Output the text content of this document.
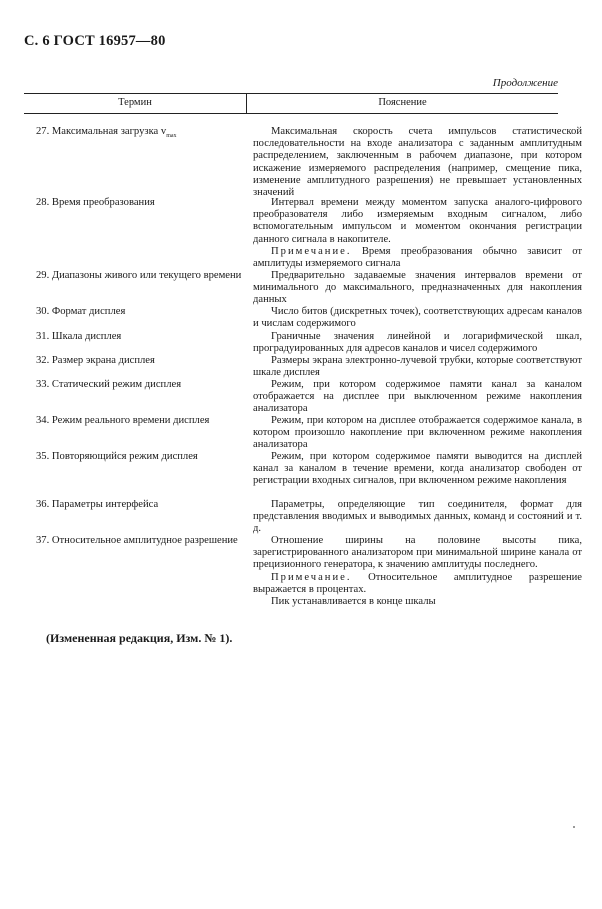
С. 6 ГОСТ 16957—80
Продолжение
Термин	Пояснение
27. Максимальная загрузка $v_{max}$	Максимальная скорость счета импульсов статистической последовательности на входе анализатора с заданным амплитудным распределением, заключенным в рабочем диапазоне, при котором искажение измеряемого распределения (например, смещение пика, изменение амплитудного разрешения) не превышает установленных значений

28. Время преобразования	Интервал времени между моментом запуска аналого-цифрового преобразователя либо измеряемым входным сигналом, либо вспомогательным импульсом и моментом окончания регистрации данного сигнала в накопителе.

Примечание. Время преобразования обычно зависит от амплитуды измеряемого сигнала

29. Диапазоны живого или текущего времени	Предварительно задаваемые значения интервалов времени от минимального до максимального, предназначенных для накопления данных

30. Формат дисплея	Число битов (дискретных точек), соответствующих адресам каналов и числам содержимого

31. Шкала дисплея	Граничные значения линейной и логарифмической шкал, проградуированных для адресов каналов и чисел содержимого

32. Размер экрана дисплея	Размеры экрана электронно-лучевой трубки, которые соответствуют шкале дисплея

33. Статический режим дисплея	Режим, при котором содержимое памяти канал за каналом отображается на дисплее при выключенном режиме накопления анализатора

34. Режим реального времени дисплея	Режим, при котором на дисплее отображается содержимое канала, в котором произошло накопление при включенном режиме накопления анализатора

35. Повторяющийся режим дисплея	Режим, при котором содержимое памяти выводится на дисплей канал за каналом в течение времени, когда анализатор свободен от регистрации входных сигналов, при включенном режиме накопления

36. Параметры интерфейса	Параметры, определяющие тип соединителя, формат для представления вводимых и выводимых данных, команд и состояний и т. д.

37. Относительное амплитудное разрешение	Отношение ширины на половине высоты пика, зарегистрированного анализатором при минимальной ширине канала от прецизионного генератора, к значению амплитуды последнего.

Примечание. Относительное амплитудное разрешение выражается в процентах.

Пик устанавливается в конце шкалы

(Измененная редакция, Изм. № 1).
